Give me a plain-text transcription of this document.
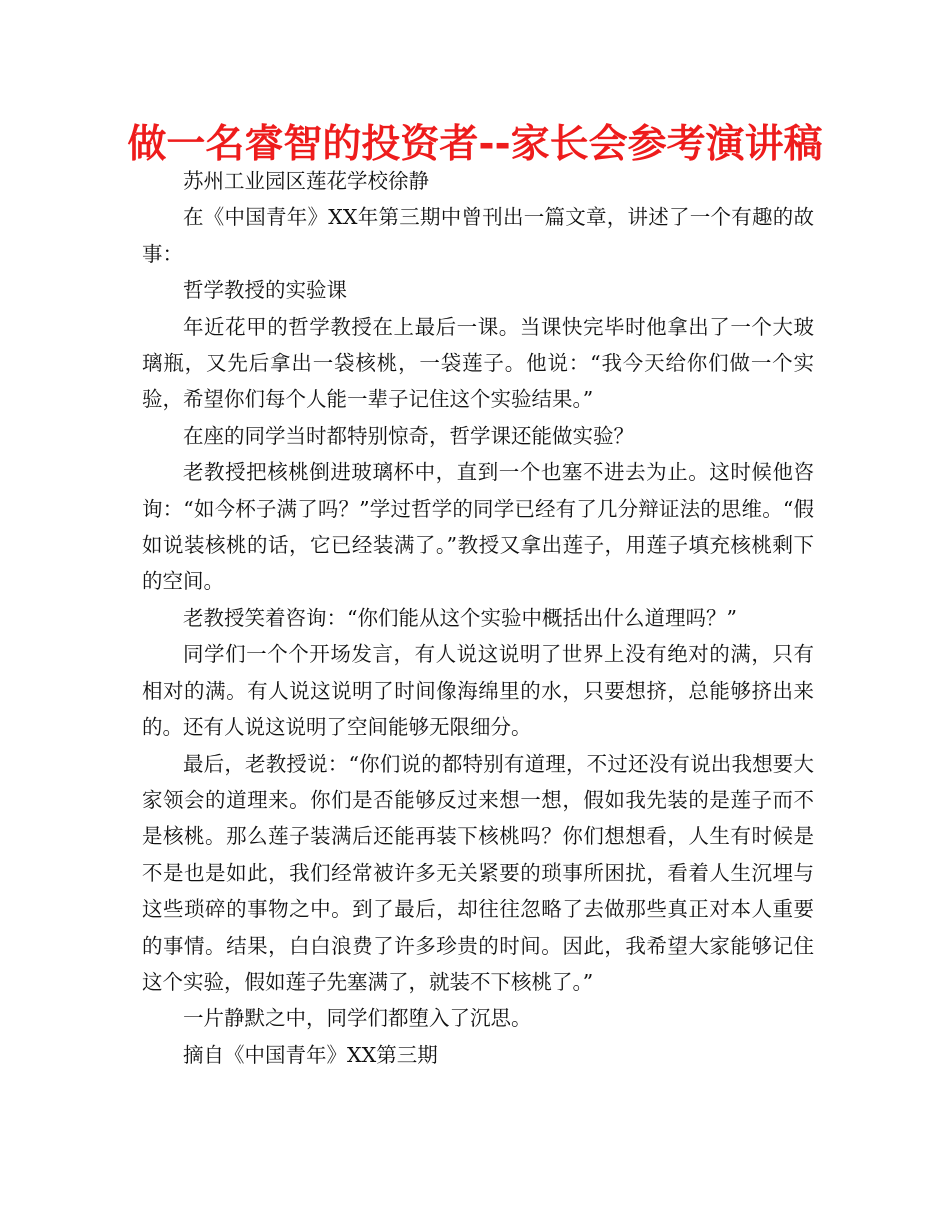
做一名睿智的投资者--家长会参考演讲稿

苏州工业园区莲花学校徐静

在《中国青年》XX年第三期中曾刊出一篇文章，讲述了一个有趣的故事：

哲学教授的实验课

年近花甲的哲学教授在上最后一课。当课快完毕时他拿出了一个大玻璃瓶，又先后拿出一袋核桃，一袋莲子。他说：“我今天给你们做一个实验，希望你们每个人能一辈子记住这个实验结果。”

在座的同学当时都特别惊奇，哲学课还能做实验？

老教授把核桃倒进玻璃杯中，直到一个也塞不进去为止。这时候他咨询：“如今杯子满了吗？”学过哲学的同学已经有了几分辩证法的思维。“假如说装核桃的话，它已经装满了。”教授又拿出莲子，用莲子填充核桃剩下的空间。

老教授笑着咨询：“你们能从这个实验中概括出什么道理吗？”

同学们一个个开场发言，有人说这说明了世界上没有绝对的满，只有相对的满。有人说这说明了时间像海绵里的水，只要想挤，总能够挤出来的。还有人说这说明了空间能够无限细分。

最后，老教授说：“你们说的都特别有道理，不过还没有说出我想要大家领会的道理来。你们是否能够反过来想一想，假如我先装的是莲子而不是核桃。那么莲子装满后还能再装下核桃吗？你们想想看，人生有时候是不是也是如此，我们经常被许多无关紧要的琐事所困扰，看着人生沉埋与这些琐碎的事物之中。到了最后，却往往忽略了去做那些真正对本人重要的事情。结果，白白浪费了许多珍贵的时间。因此，我希望大家能够记住这个实验，假如莲子先塞满了，就装不下核桃了。”

一片静默之中，同学们都堕入了沉思。

摘自《中国青年》XX第三期
